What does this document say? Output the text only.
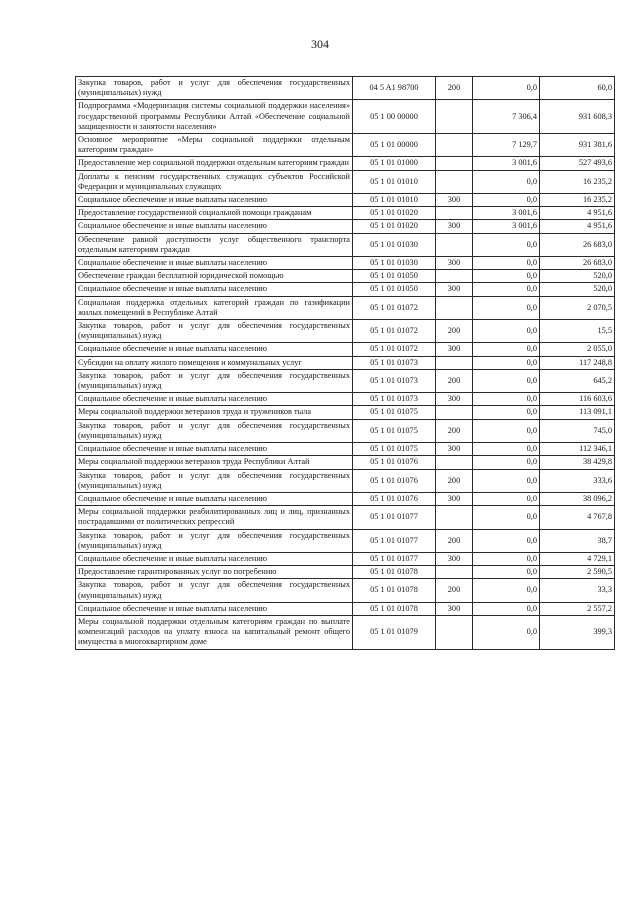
304
Закупка товаров, работ и услуг для обеспечения государственных (муниципальных) нужд	04 5 A1 98700	200	0,0	60,0
Подпрограмма «Модернизация системы социальной поддержки населения» государственной программы Республики Алтай «Обеспечение социальной защищенности и занятости населения»	05 1 00 00000		7 306,4	931 608,3
Основное мероприятие «Меры социальной поддержки отдельным категориям граждан»	05 1 01 00000		7 129,7	931 381,6
Предоставление мер социальной поддержки отдельным категориям граждан	05 1 01 01000		3 001,6	527 493,6
Доплаты к пенсиям государственных служащих субъектов Российской Федерации и муниципальных служащих	05 1 01 01010		0,0	16 235,2
Социальное обеспечение и иные выплаты населению	05 1 01 01010	300	0,0	16 235,2
Предоставление государственной социальной помощи гражданам	05 1 01 01020		3 001,6	4 951,6
Социальное обеспечение и иные выплаты населению	05 1 01 01020	300	3 001,6	4 951,6
Обеспечение равной доступности услуг общественного транспорта отдельным категориям граждан	05 1 01 01030		0,0	26 683,0
Социальное обеспечение и иные выплаты населению	05 1 01 01030	300	0,0	26 683,0
Обеспечение граждан бесплатной юридической помощью	05 1 01 01050		0,0	520,0
Социальное обеспечение и иные выплаты населению	05 1 01 01050	300	0,0	520,0
Социальная поддержка отдельных категорий граждан по газификации жилых помещений в Республике Алтай	05 1 01 01072		0,0	2 070,5
Закупка товаров, работ и услуг для обеспечения государственных (муниципальных) нужд	05 1 01 01072	200	0,0	15,5
Социальное обеспечение и иные выплаты населению	05 1 01 01072	300	0,0	2 055,0
Субсидии на оплату жилого помещения и коммунальных услуг	05 1 01 01073		0,0	117 248,8
Закупка товаров, работ и услуг для обеспечения государственных (муниципальных) нужд	05 1 01 01073	200	0,0	645,2
Социальное обеспечение и иные выплаты населению	05 1 01 01073	300	0,0	116 603,6
Меры социальной поддержки ветеранов труда и тружеников тыла	05 1 01 01075		0,0	113 091,1
Закупка товаров, работ и услуг для обеспечения государственных (муниципальных) нужд	05 1 01 01075	200	0,0	745,0
Социальное обеспечение и иные выплаты населению	05 1 01 01075	300	0,0	112 346,1
Меры социальной поддержки ветеранов труда Республики Алтай	05 1 01 01076		0,0	38 429,8
Закупка товаров, работ и услуг для обеспечения государственных (муниципальных) нужд	05 1 01 01076	200	0,0	333,6
Социальное обеспечение и иные выплаты населению	05 1 01 01076	300	0,0	38 096,2
Меры социальной поддержки реабилитированных лиц и лиц, признанных пострадавшими от политических репрессий	05 1 01 01077		0,0	4 767,8
Закупка товаров, работ и услуг для обеспечения государственных (муниципальных) нужд	05 1 01 01077	200	0,0	38,7
Социальное обеспечение и иные выплаты населению	05 1 01 01077	300	0,0	4 729,1
Предоставление гарантированных услуг по погребению	05 1 01 01078		0,0	2 590,5
Закупка товаров, работ и услуг для обеспечения государственных (муниципальных) нужд	05 1 01 01078	200	0,0	33,3
Социальное обеспечение и иные выплаты населению	05 1 01 01078	300	0,0	2 557,2
Меры социальной поддержки отдельным категориям граждан по выплате компенсаций расходов на уплату взноса на капитальный ремонт общего имущества в многоквартирном доме	05 1 01 01079		0,0	399,3
